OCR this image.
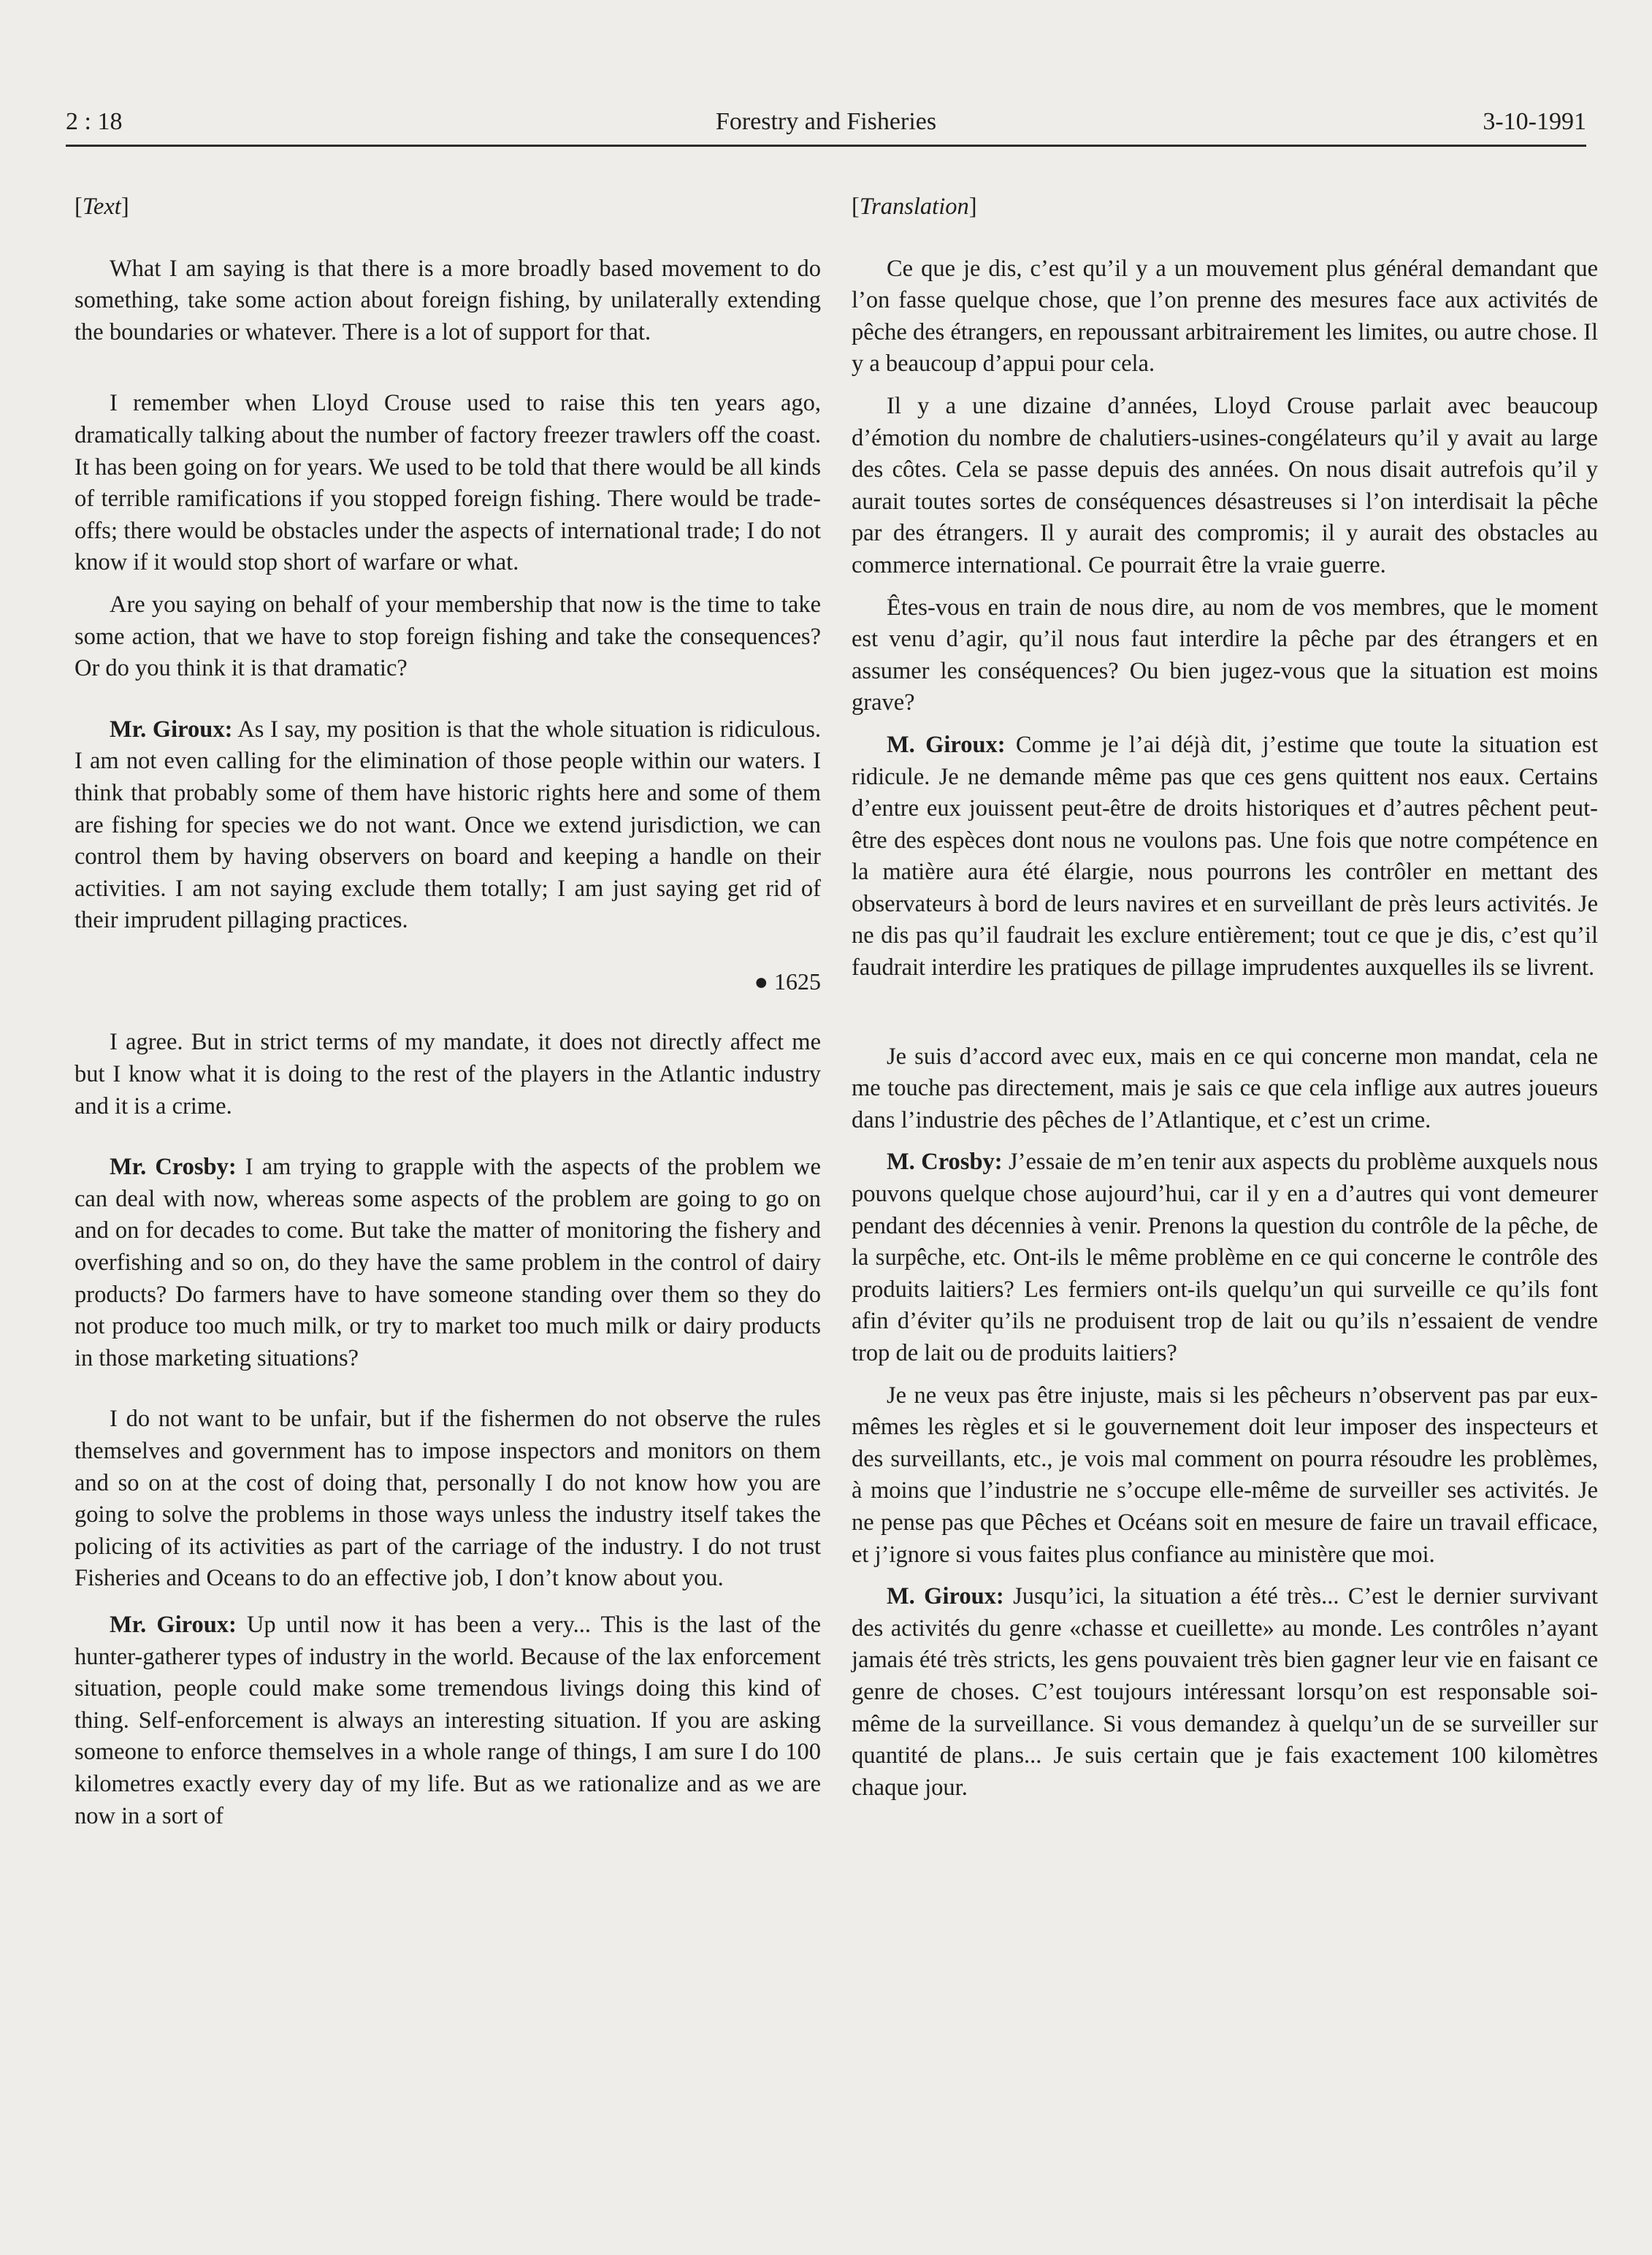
2 : 18	Forestry and Fisheries	3-10-1991
[Text]

What I am saying is that there is a more broadly based movement to do something, take some action about foreign fishing, by unilaterally extending the boundaries or whatever. There is a lot of support for that.

I remember when Lloyd Crouse used to raise this ten years ago, dramatically talking about the number of factory freezer trawlers off the coast. It has been going on for years. We used to be told that there would be all kinds of terrible ramifications if you stopped foreign fishing. There would be trade-offs; there would be obstacles under the aspects of international trade; I do not know if it would stop short of warfare or what.

Are you saying on behalf of your membership that now is the time to take some action, that we have to stop foreign fishing and take the consequences? Or do you think it is that dramatic?

Mr. Giroux: As I say, my position is that the whole situation is ridiculous. I am not even calling for the elimination of those people within our waters. I think that probably some of them have historic rights here and some of them are fishing for species we do not want. Once we extend jurisdiction, we can control them by having observers on board and keeping a handle on their activities. I am not saying exclude them totally; I am just saying get rid of their imprudent pillaging practices.

● 1625

I agree. But in strict terms of my mandate, it does not directly affect me but I know what it is doing to the rest of the players in the Atlantic industry and it is a crime.

Mr. Crosby: I am trying to grapple with the aspects of the problem we can deal with now, whereas some aspects of the problem are going to go on and on for decades to come. But take the matter of monitoring the fishery and overfishing and so on, do they have the same problem in the control of dairy products? Do farmers have to have someone standing over them so they do not produce too much milk, or try to market too much milk or dairy products in those marketing situations?

I do not want to be unfair, but if the fishermen do not observe the rules themselves and government has to impose inspectors and monitors on them and so on at the cost of doing that, personally I do not know how you are going to solve the problems in those ways unless the industry itself takes the policing of its activities as part of the carriage of the industry. I do not trust Fisheries and Oceans to do an effective job, I don’t know about you.

Mr. Giroux: Up until now it has been a very... This is the last of the hunter-gatherer types of industry in the world. Because of the lax enforcement situation, people could make some tremendous livings doing this kind of thing. Self-enforcement is always an interesting situation. If you are asking someone to enforce themselves in a whole range of things, I am sure I do 100 kilometres exactly every day of my life. But as we rationalize and as we are now in a sort of

[Translation]

Ce que je dis, c’est qu’il y a un mouvement plus général demandant que l’on fasse quelque chose, que l’on prenne des mesures face aux activités de pêche des étrangers, en repoussant arbitrairement les limites, ou autre chose. Il y a beaucoup d’appui pour cela.

Il y a une dizaine d’années, Lloyd Crouse parlait avec beaucoup d’émotion du nombre de chalutiers-usines-congélateurs qu’il y avait au large des côtes. Cela se passe depuis des années. On nous disait autrefois qu’il y aurait toutes sortes de conséquences désastreuses si l’on interdisait la pêche par des étrangers. Il y aurait des compromis; il y aurait des obstacles au commerce international. Ce pourrait être la vraie guerre.

Êtes-vous en train de nous dire, au nom de vos membres, que le moment est venu d’agir, qu’il nous faut interdire la pêche par des étrangers et en assumer les conséquences? Ou bien jugez-vous que la situation est moins grave?

M. Giroux: Comme je l’ai déjà dit, j’estime que toute la situation est ridicule. Je ne demande même pas que ces gens quittent nos eaux. Certains d’entre eux jouissent peut-être de droits historiques et d’autres pêchent peut-être des espèces dont nous ne voulons pas. Une fois que notre compétence en la matière aura été élargie, nous pourrons les contrôler en mettant des observateurs à bord de leurs navires et en surveillant de près leurs activités. Je ne dis pas qu’il faudrait les exclure entièrement; tout ce que je dis, c’est qu’il faudrait interdire les pratiques de pillage imprudentes auxquelles ils se livrent.

Je suis d’accord avec eux, mais en ce qui concerne mon mandat, cela ne me touche pas directement, mais je sais ce que cela inflige aux autres joueurs dans l’industrie des pêches de l’Atlantique, et c’est un crime.

M. Crosby: J’essaie de m’en tenir aux aspects du problème auxquels nous pouvons quelque chose aujourd’hui, car il y en a d’autres qui vont demeurer pendant des décennies à venir. Prenons la question du contrôle de la pêche, de la surpêche, etc. Ont-ils le même problème en ce qui concerne le contrôle des produits laitiers? Les fermiers ont-ils quelqu’un qui surveille ce qu’ils font afin d’éviter qu’ils ne produisent trop de lait ou qu’ils n’essaient de vendre trop de lait ou de produits laitiers?

Je ne veux pas être injuste, mais si les pêcheurs n’observent pas par eux-mêmes les règles et si le gouvernement doit leur imposer des inspecteurs et des surveillants, etc., je vois mal comment on pourra résoudre les problèmes, à moins que l’industrie ne s’occupe elle-même de surveiller ses activités. Je ne pense pas que Pêches et Océans soit en mesure de faire un travail efficace, et j’ignore si vous faites plus confiance au ministère que moi.

M. Giroux: Jusqu’ici, la situation a été très... C’est le dernier survivant des activités du genre «chasse et cueillette» au monde. Les contrôles n’ayant jamais été très stricts, les gens pouvaient très bien gagner leur vie en faisant ce genre de choses. C’est toujours intéressant lorsqu’on est responsable soi-même de la surveillance. Si vous demandez à quelqu’un de se surveiller sur quantité de plans... Je suis certain que je fais exactement 100 kilomètres chaque jour.
